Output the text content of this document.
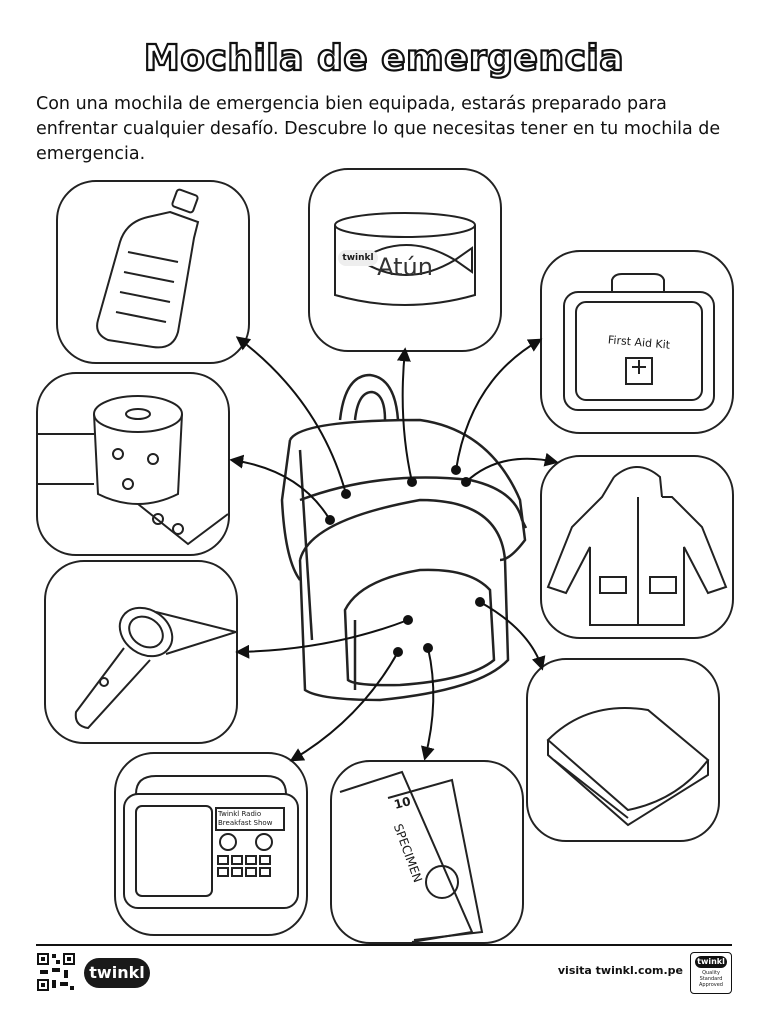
Mochila de emergencia
Con una mochila de emergencia bien equipada, estarás preparado para enfrentar cualquier desafío. Descubre lo que necesitas tener en tu mochila de emergencia.
twinkl Atún
First Aid Kit
Twinkl Radio
Breakfast Show
10
SPECIMEN
twinkl	visita twinkl.com.pe
twinkl
Quality Standard Approved
